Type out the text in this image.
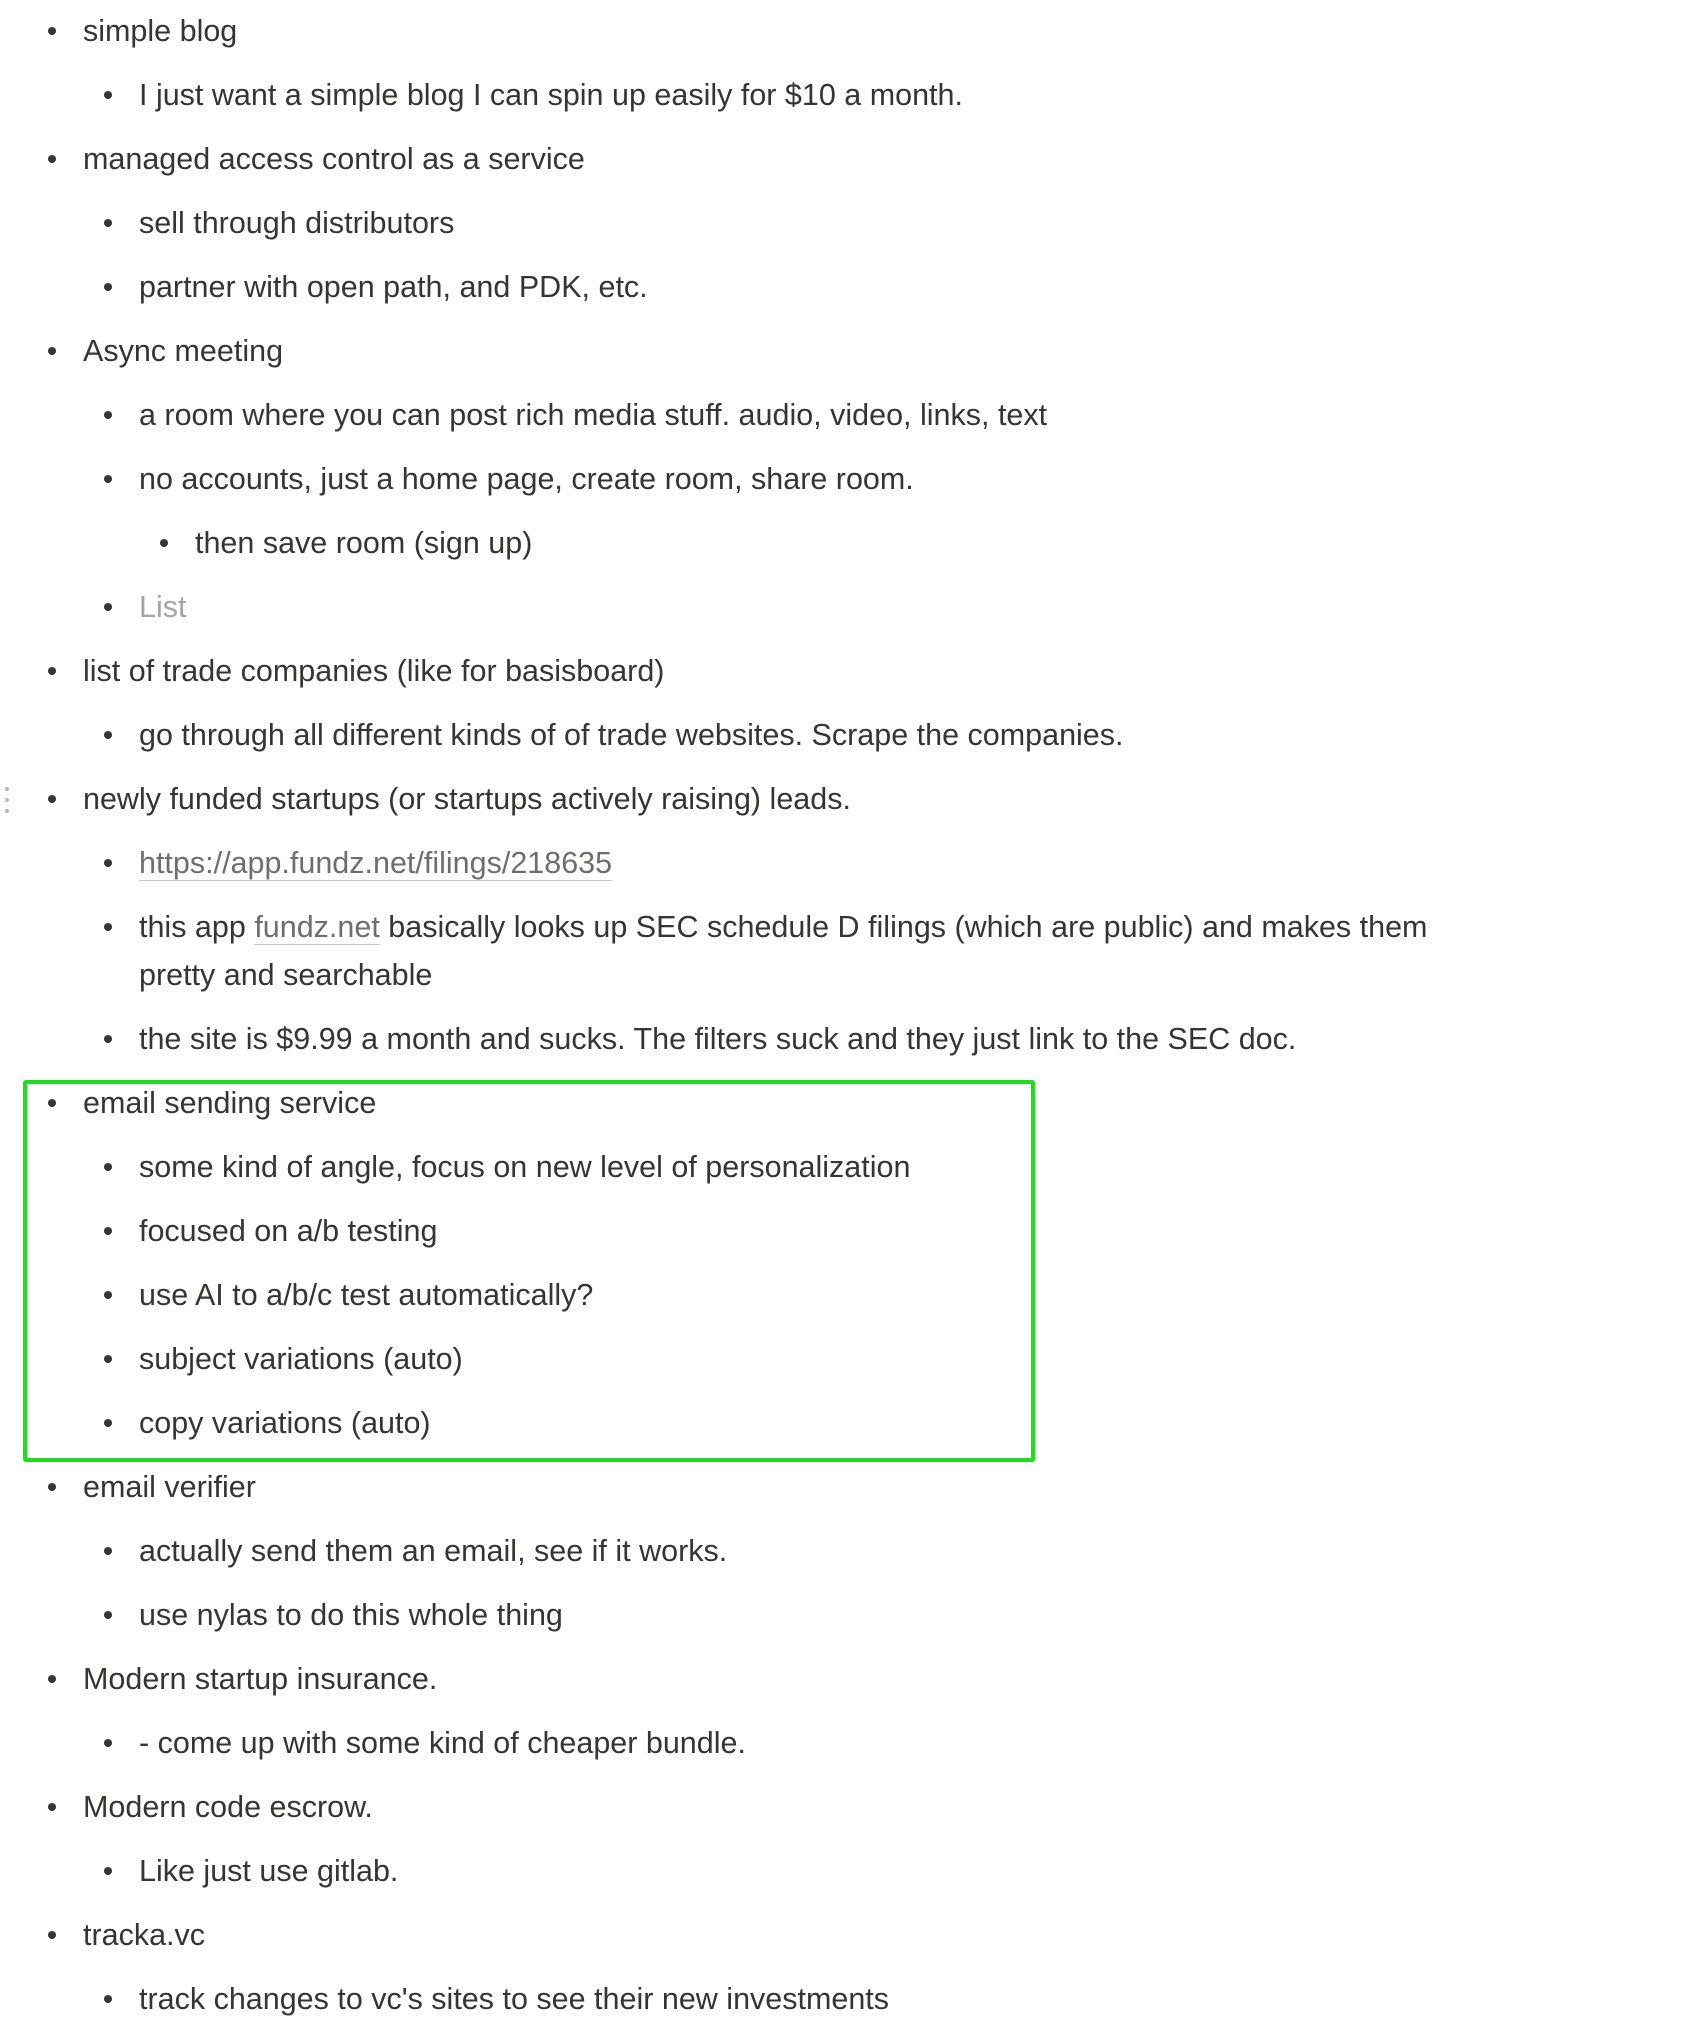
simple blog
I just want a simple blog I can spin up easily for $10 a month.
managed access control as a service
sell through distributors
partner with open path, and PDK, etc.
Async meeting
a room where you can post rich media stuff. audio, video, links, text
no accounts, just a home page, create room, share room.
then save room (sign up)
List
list of trade companies (like for basisboard)
go through all different kinds of of trade websites. Scrape the companies.
newly funded startups (or startups actively raising) leads.
https://app.fundz.net/filings/218635
this app fundz.net basically looks up SEC schedule D filings (which are public) and makes them pretty and searchable
the site is $9.99 a month and sucks. The filters suck and they just link to the SEC doc.
email sending service
some kind of angle, focus on new level of personalization
focused on a/b testing
use AI to a/b/c test automatically?
subject variations (auto)
copy variations (auto)
email verifier
actually send them an email, see if it works.
use nylas to do this whole thing
Modern startup insurance.
- come up with some kind of cheaper bundle.
Modern code escrow.
Like just use gitlab.
tracka.vc
track changes to vc's sites to see their new investments
